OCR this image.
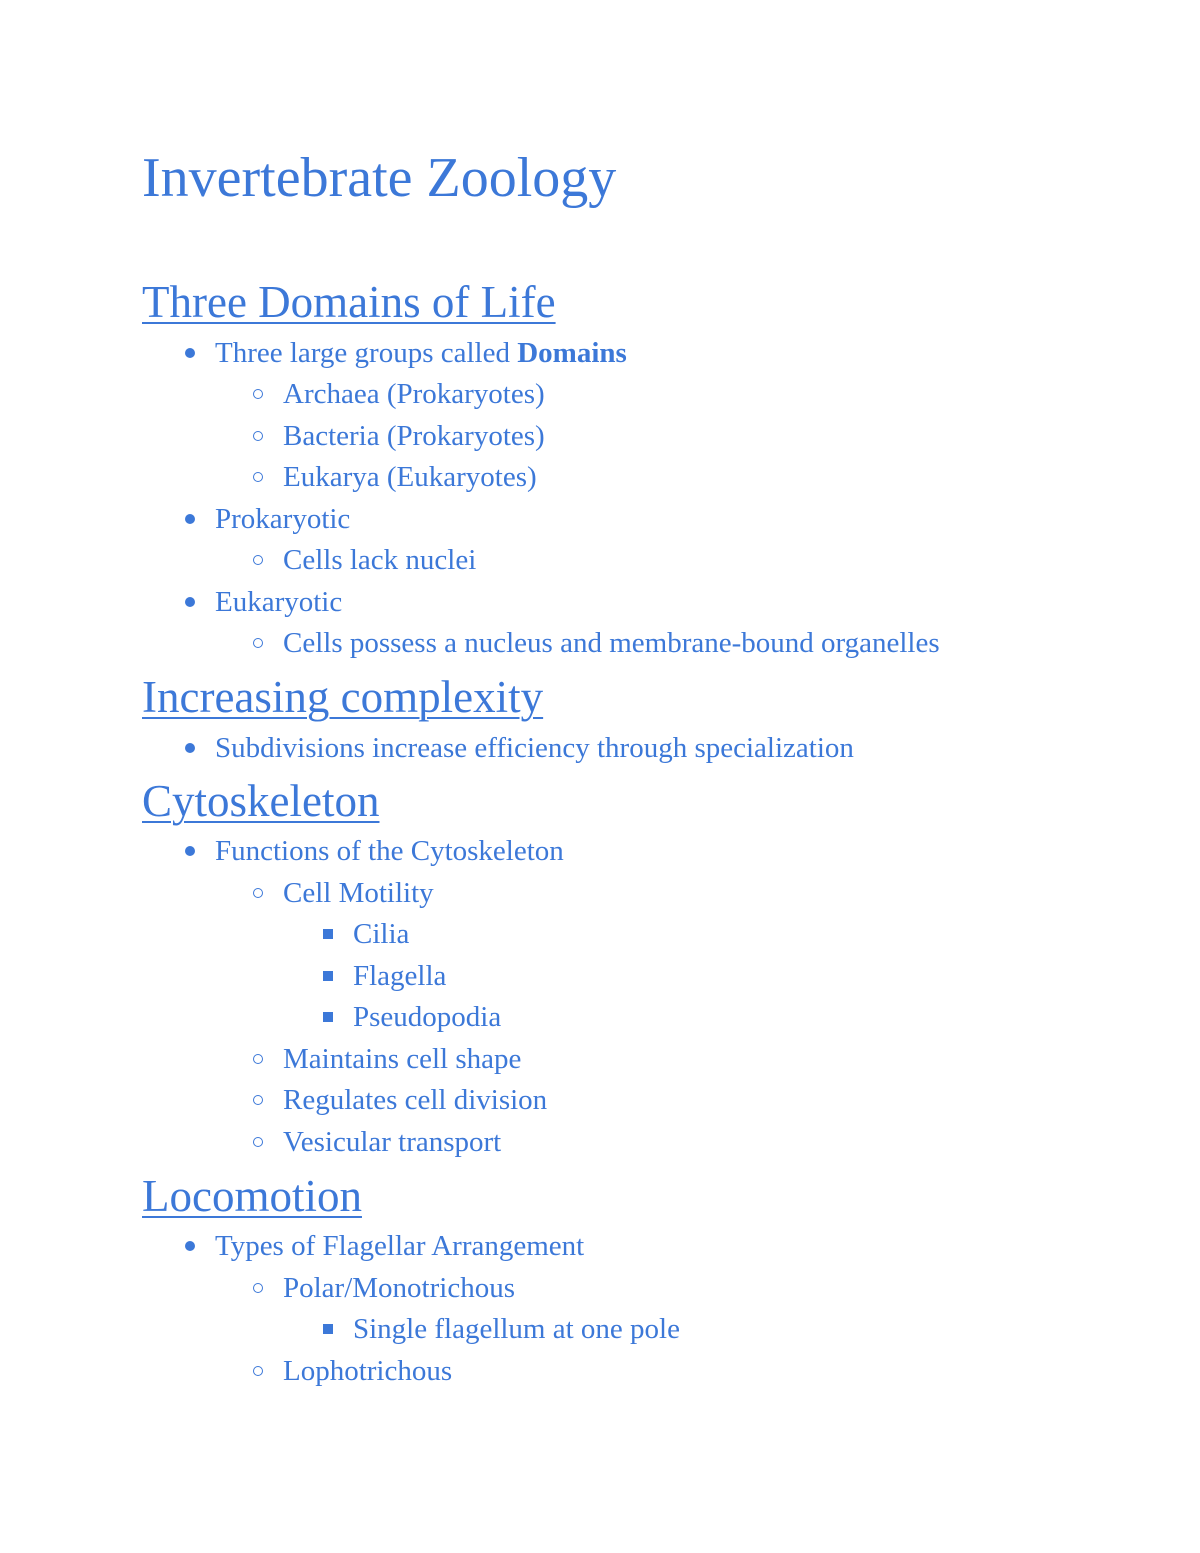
Invertebrate Zoology
Three Domains of Life
Three large groups called Domains
Archaea (Prokaryotes)
Bacteria (Prokaryotes)
Eukarya (Eukaryotes)
Prokaryotic
Cells lack nuclei
Eukaryotic
Cells possess a nucleus and membrane-bound organelles
Increasing complexity
Subdivisions increase efficiency through specialization
Cytoskeleton
Functions of the Cytoskeleton
Cell Motility
Cilia
Flagella
Pseudopodia
Maintains cell shape
Regulates cell division
Vesicular transport
Locomotion
Types of Flagellar Arrangement
Polar/Monotrichous
Single flagellum at one pole
Lophotrichous
